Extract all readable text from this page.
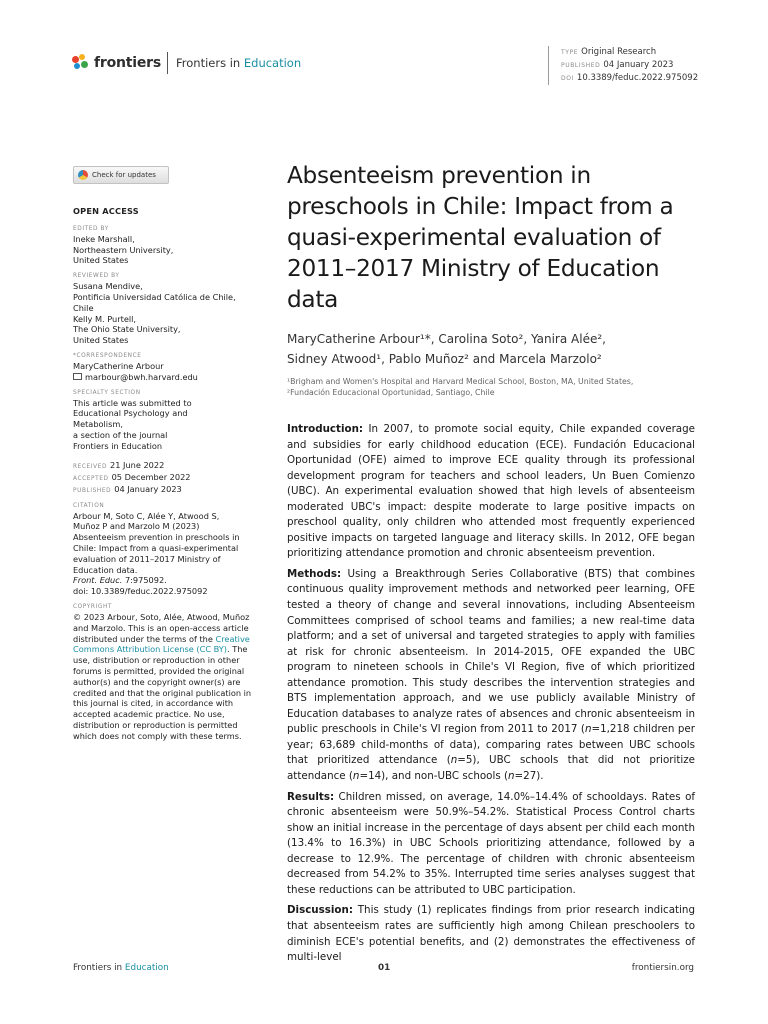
frontiers	Frontiers in Education
TYPE Original Research
PUBLISHED 04 January 2023
DOI 10.3389/feduc.2022.975092
Check for updates
OPEN ACCESS
EDITED BY
Ineke Marshall,
Northeastern University,
United States
REVIEWED BY
Susana Mendive,
Pontificia Universidad Católica de Chile,
Chile
Kelly M. Purtell,
The Ohio State University,
United States
*CORRESPONDENCE
MaryCatherine Arbour
marbour@bwh.harvard.edu
SPECIALTY SECTION
This article was submitted to
Educational Psychology and
Metabolism,
a section of the journal
Frontiers in Education
RECEIVED 21 June 2022
ACCEPTED 05 December 2022
PUBLISHED 04 January 2023
CITATION
Arbour M, Soto C, Alée Y, Atwood S,
Muñoz P and Marzolo M (2023)
Absenteeism prevention in preschools in
Chile: Impact from a quasi-experimental
evaluation of 2011–2017 Ministry of
Education data.
Front. Educ. 7:975092.
doi: 10.3389/feduc.2022.975092
COPYRIGHT
© 2023 Arbour, Soto, Alée, Atwood, Muñoz
and Marzolo. This is an open-access article
distributed under the terms of the Creative
Commons Attribution License (CC BY). The
use, distribution or reproduction in other
forums is permitted, provided the original
author(s) and the copyright owner(s) are
credited and that the original publication in
this journal is cited, in accordance with
accepted academic practice. No use,
distribution or reproduction is permitted
which does not comply with these terms.
Absenteeism prevention in preschools in Chile: Impact from a quasi-experimental evaluation of 2011–2017 Ministry of Education data
MaryCatherine Arbour¹*, Carolina Soto², Yanira Alée²,
Sidney Atwood¹, Pablo Muñoz² and Marcela Marzolo²
¹Brigham and Women's Hospital and Harvard Medical School, Boston, MA, United States,
²Fundación Educacional Oportunidad, Santiago, Chile

Introduction: In 2007, to promote social equity, Chile expanded coverage and subsidies for early childhood education (ECE). Fundación Educacional Oportunidad (OFE) aimed to improve ECE quality through its professional development program for teachers and school leaders, Un Buen Comienzo (UBC). An experimental evaluation showed that high levels of absenteeism moderated UBC's impact: despite moderate to large positive impacts on preschool quality, only children who attended most frequently experienced positive impacts on targeted language and literacy skills. In 2012, OFE began prioritizing attendance promotion and chronic absenteeism prevention.

Methods: Using a Breakthrough Series Collaborative (BTS) that combines continuous quality improvement methods and networked peer learning, OFE tested a theory of change and several innovations, including Absenteeism Committees comprised of school teams and families; a new real-time data platform; and a set of universal and targeted strategies to apply with families at risk for chronic absenteeism. In 2014-2015, OFE expanded the UBC program to nineteen schools in Chile's VI Region, five of which prioritized attendance promotion. This study describes the intervention strategies and BTS implementation approach, and we use publicly available Ministry of Education databases to analyze rates of absences and chronic absenteeism in public preschools in Chile's VI region from 2011 to 2017 (n=1,218 children per year; 63,689 child-months of data), comparing rates between UBC schools that prioritized attendance (n=5), UBC schools that did not prioritize attendance (n=14), and non-UBC schools (n=27).

Results: Children missed, on average, 14.0%–14.4% of schooldays. Rates of chronic absenteeism were 50.9%–54.2%. Statistical Process Control charts show an initial increase in the percentage of days absent per child each month (13.4% to 16.3%) in UBC Schools prioritizing attendance, followed by a decrease to 12.9%. The percentage of children with chronic absenteeism decreased from 54.2% to 35%. Interrupted time series analyses suggest that these reductions can be attributed to UBC participation.

Discussion: This study (1) replicates findings from prior research indicating that absenteeism rates are sufficiently high among Chilean preschoolers to diminish ECE's potential benefits, and (2) demonstrates the effectiveness of multi-level

Frontiers in Education	01	frontiersin.org
